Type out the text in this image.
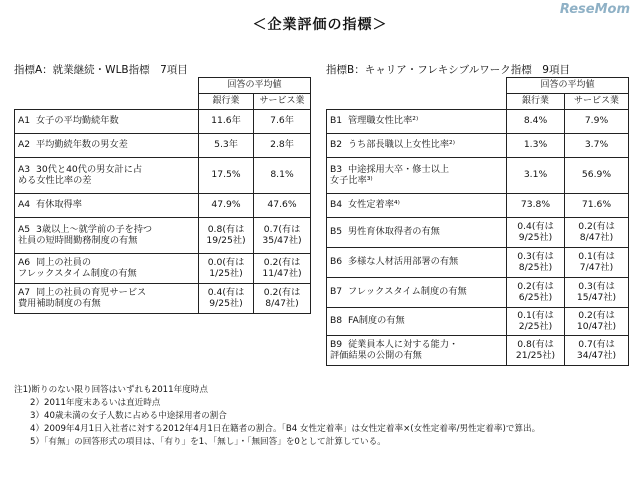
＜企業評価の指標＞
ReseMom
指標A：就業継続・WLB指標　7項目	指標B：キャリア・フレキシブルワーク指標　9項目
	回答の平均値	
	銀行業	サービス業
A1 女子の平均勤続年数	11.6年	7.6年
A2 平均勤続年数の男女差	5.3年	2.8年
A3 30代と40代の男女計に占
める女性比率の差	17.5%	8.1%
A4 有休取得率	47.9%	47.6%
A5 3歳以上～就学前の子を持つ
社員の短時間勤務制度の有無	0.8(有は
19/25社)	0.7(有は
35/47社)
A6 同上の社員の
フレックスタイム制度の有無	0.0(有は
1/25社)	0.2(有は
11/47社)
A7 同上の社員の育児サービス
費用補助制度の有無	0.4(有は
9/25社)	0.2(有は
8/47社)
	回答の平均値	
	銀行業	サービス業
B1 管理職女性比率²⁾	8.4%	7.9%
B2 うち部長職以上女性比率²⁾	1.3%	3.7%
B3 中途採用大卒・修士以上
女子比率³⁾	3.1%	56.9%
B4 女性定着率⁴⁾	73.8%	71.6%
B5 男性育休取得者の有無	0.4(有は
9/25社)	0.2(有は
8/47社)
B6 多様な人材活用部署の有無	0.3(有は
8/25社)	0.1(有は
7/47社)
B7 フレックスタイム制度の有無	0.2(有は
6/25社)	0.3(有は
15/47社)
B8 FA制度の有無	0.1(有は
2/25社)	0.2(有は
10/47社)
B9 従業員本人に対する能力・
評価結果の公開の有無	0.8(有は
21/25社)	0.7(有は
34/47社)
注1)断りのない限り回答はいずれも2011年度時点
2）2011年度末あるいは直近時点
3）40歳未満の女子人数に占める中途採用者の割合
4）2009年4月1日入社者に対する2012年4月1日在籍者の割合。「B4 女性定着率」は女性定着率×(女性定着率/男性定着率)で算出。
5）「有無」の回答形式の項目は、「有り」を1、「無し」・「無回答」を0として計算している。
